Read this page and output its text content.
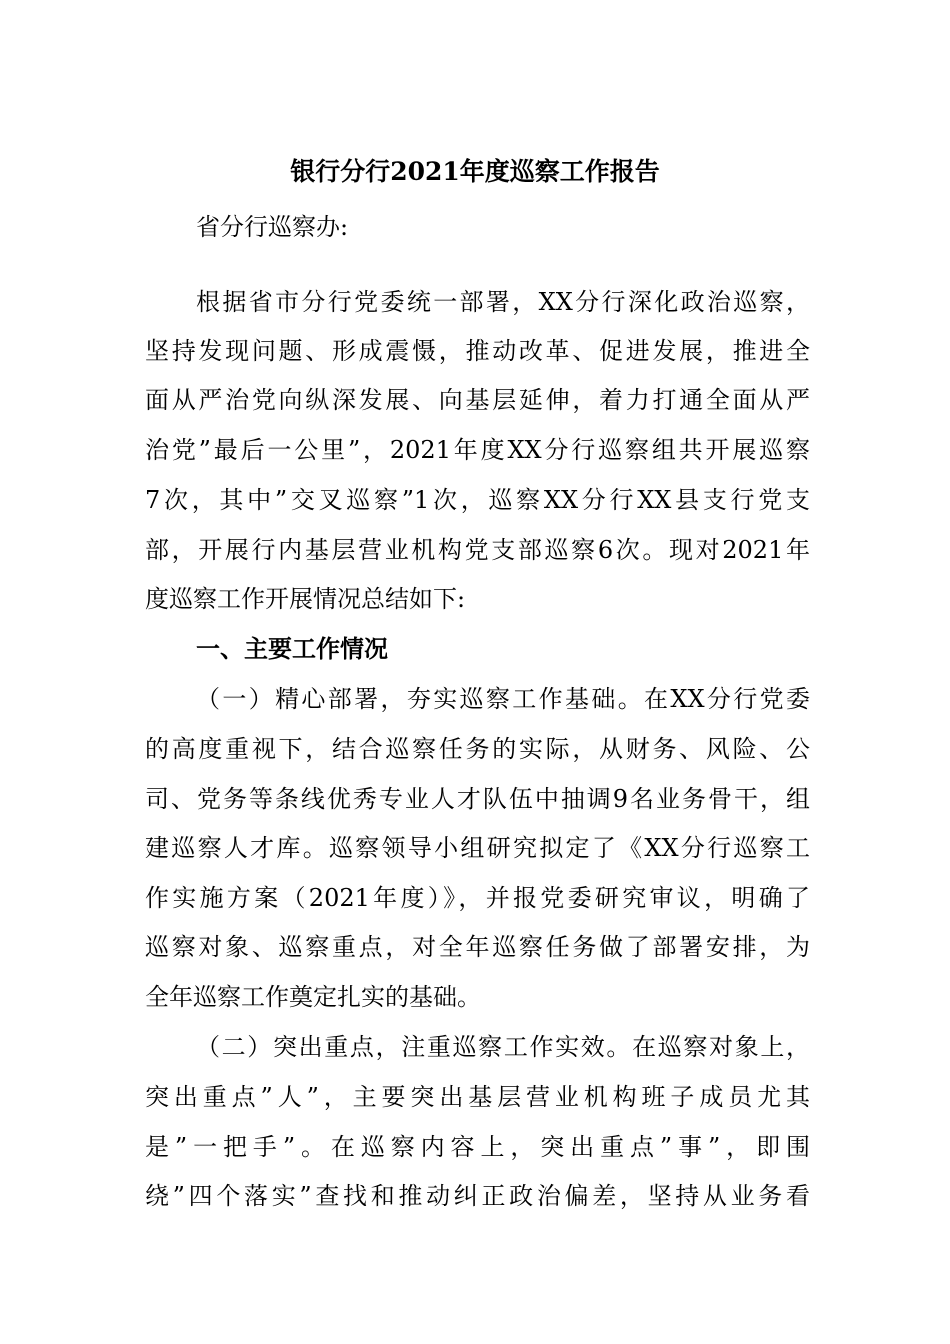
银行分行2021年度巡察工作报告
省分行巡察办:
根据省市分行党委统一部署，XX分行深化政治巡察，
坚持发现问题、形成震慑，推动改革、促进发展，推进全
面从严治党向纵深发展、向基层延伸，着力打通全面从严
治党”最后一公里”，2021年度XX分行巡察组共开展巡察
7次，其中”交叉巡察”1次，巡察XX分行XX县支行党支
部，开展行内基层营业机构党支部巡察6次。现对2021年
度巡察工作开展情况总结如下:
一、主要工作情况
（一）精心部署，夯实巡察工作基础。在XX分行党委
的高度重视下，结合巡察任务的实际，从财务、风险、公
司、党务等条线优秀专业人才队伍中抽调9名业务骨干，组
建巡察人才库。巡察领导小组研究拟定了《XX分行巡察工
作实施方案（2021年度）》，并报党委研究审议，明确了
巡察对象、巡察重点，对全年巡察任务做了部署安排，为
全年巡察工作奠定扎实的基础。
（二）突出重点，注重巡察工作实效。在巡察对象上，
突出重点”人”，主要突出基层营业机构班子成员尤其
是”一把手”。在巡察内容上，突出重点”事”，即围
绕”四个落实”查找和推动纠正政治偏差，坚持从业务看
